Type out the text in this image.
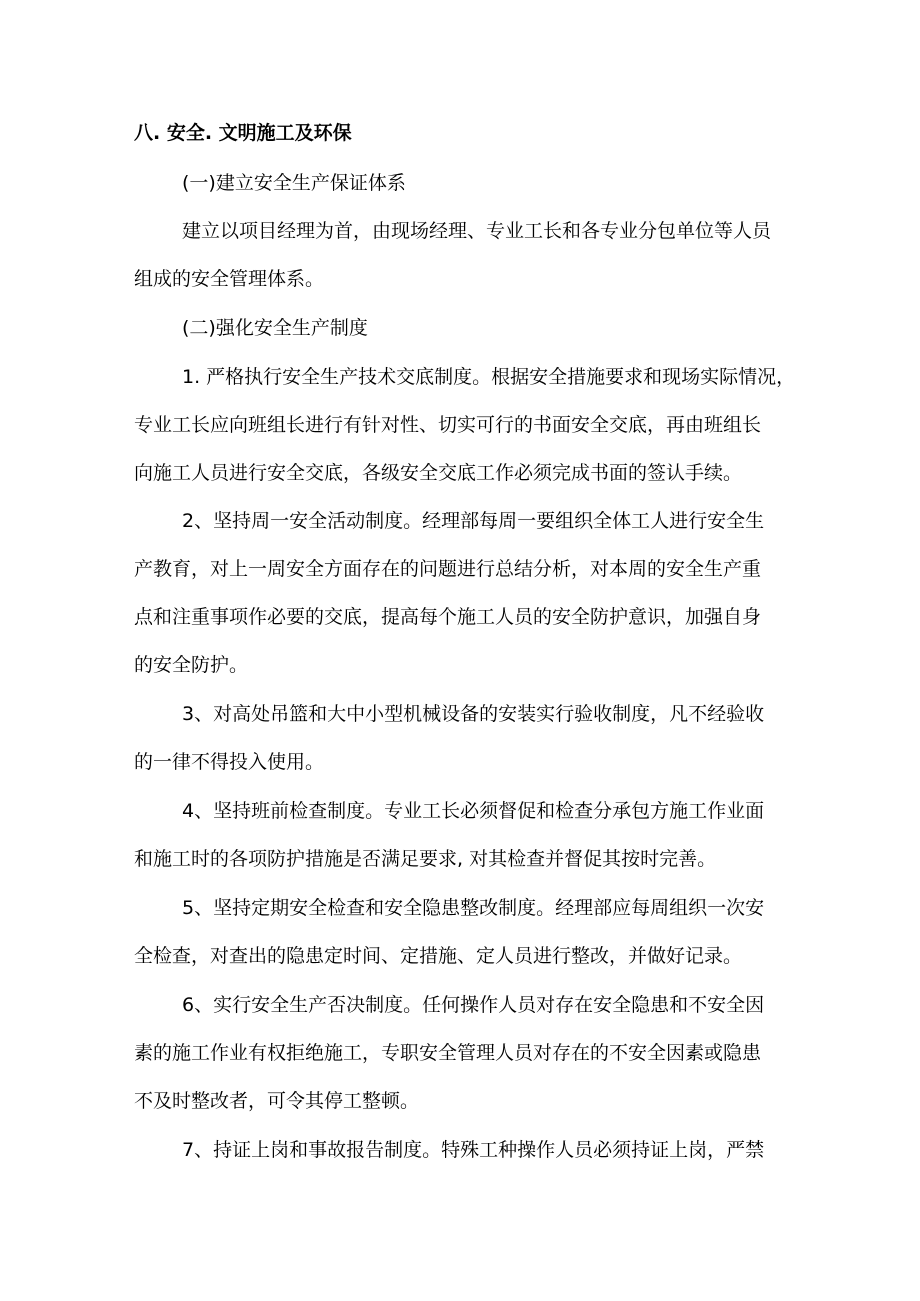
八. 安全. 文明施工及环保

(一)建立安全生产保证体系

建立以项目经理为首，由现场经理、专业工长和各专业分包单位等人员

组成的安全管理体系。

(二)强化安全生产制度

1. 严格执行安全生产技术交底制度。根据安全措施要求和现场实际情况，

专业工长应向班组长进行有针对性、切实可行的书面安全交底，再由班组长

向施工人员进行安全交底，各级安全交底工作必须完成书面的签认手续。

2、坚持周一安全活动制度。经理部每周一要组织全体工人进行安全生

产教育，对上一周安全方面存在的问题进行总结分析，对本周的安全生产重

点和注重事项作必要的交底，提高每个施工人员的安全防护意识，加强自身

的安全防护。

3、对高处吊篮和大中小型机械设备的安装实行验收制度，凡不经验收

的一律不得投入使用。

4、坚持班前检查制度。专业工长必须督促和检查分承包方施工作业面

和施工时的各项防护措施是否满足要求, 对其检查并督促其按时完善。

5、坚持定期安全检查和安全隐患整改制度。经理部应每周组织一次安

全检查，对查出的隐患定时间、定措施、定人员进行整改，并做好记录。

6、实行安全生产否决制度。任何操作人员对存在安全隐患和不安全因

素的施工作业有权拒绝施工，专职安全管理人员对存在的不安全因素或隐患

不及时整改者，可令其停工整顿。

7、持证上岗和事故报告制度。特殊工种操作人员必须持证上岗，严禁
